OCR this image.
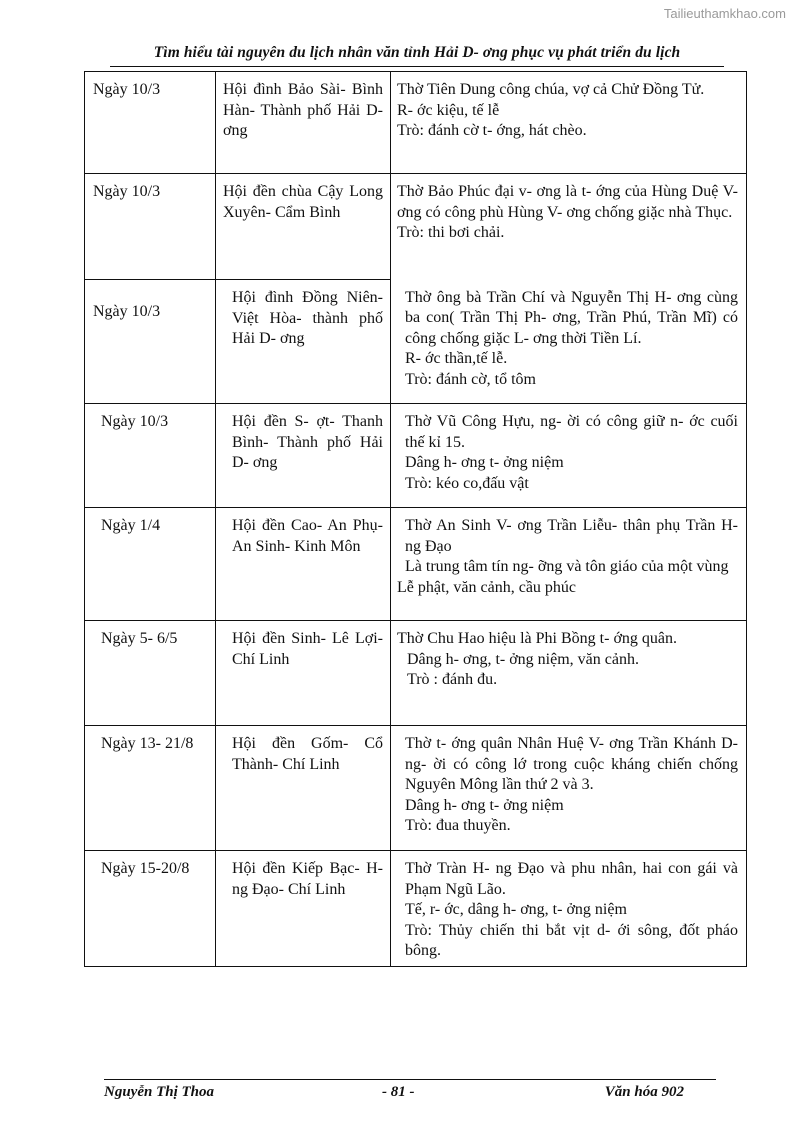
Tailieuthamkhao.com
Tìm hiểu tài nguyên du lịch nhân văn tỉnh Hải D- ơng phục vụ phát triển du lịch
Ngày 10/3	Hội đình Bảo Sài- Bình Hàn- Thành phố Hải D- ơng	Thờ Tiên Dung công chúa, vợ cả Chử Đồng Tử.
R- ớc kiệu, tế lễ
Trò: đánh cờ t- ớng, hát chèo.

Ngày 10/3	Hội đền chùa Cậy Long Xuyên- Cẩm Bình	Thờ Bảo Phúc đại v- ơng là t- ớng của Hùng Duệ V- ơng có công phù Hùng V- ơng chống giặc nhà Thục.
Trò: thi bơi chải.

Ngày 10/3	Hội đình Đồng Niên- Việt Hòa- thành phố Hải D- ơng	Thờ ông bà Trần Chí và Nguyễn Thị H- ơng cùng ba con( Trần Thị Ph- ơng, Trần Phú, Trần Mĩ) có công chống giặc L- ơng thời Tiền Lí.
R- ớc thần,tế lễ.
Trò: đánh cờ, tổ tôm

Ngày 10/3	Hội đền S- ợt- Thanh Bình- Thành phố Hải D- ơng	Thờ Vũ Công Hựu, ng- ời có công giữ n- ớc cuối thế kỉ 15.
Dâng h- ơng t- ởng niệm
Trò: kéo co,đấu vật

Ngày 1/4	Hội đền Cao- An Phụ- An Sinh- Kinh Môn	Thờ An Sinh V- ơng Trần Liễu- thân phụ Trần H- ng Đạo
Là trung tâm tín ng- ỡng và tôn giáo của một vùng
Lễ phật, văn cảnh, cầu phúc

Ngày 5- 6/5	Hội đền Sinh- Lê Lợi- Chí Linh	Thờ Chu Hao hiệu là Phi Bồng t- ớng quân.
Dâng h- ơng, t- ởng niệm, văn cảnh.
Trò : đánh đu.

Ngày 13- 21/8	Hội đền Gốm- Cổ Thành- Chí Linh	Thờ t- ớng quân Nhân Huệ V- ơng Trần Khánh D- ng- ời có công lớ trong cuộc kháng chiến chống Nguyên Mông lần thứ 2 và 3.
Dâng h- ơng t- ởng niệm
Trò: đua thuyền.

Ngày 15-20/8	Hội đền Kiếp Bạc- H- ng Đạo- Chí Linh	Thờ Tràn H- ng Đạo và phu nhân, hai con gái và Phạm Ngũ Lão.
Tế, r- ớc, dâng h- ơng, t- ởng niệm
Trò: Thủy chiến thi bắt vịt d- ới sông, đốt pháo bông.
Nguyễn Thị Thoa	- 81 -	Văn hóa 902
